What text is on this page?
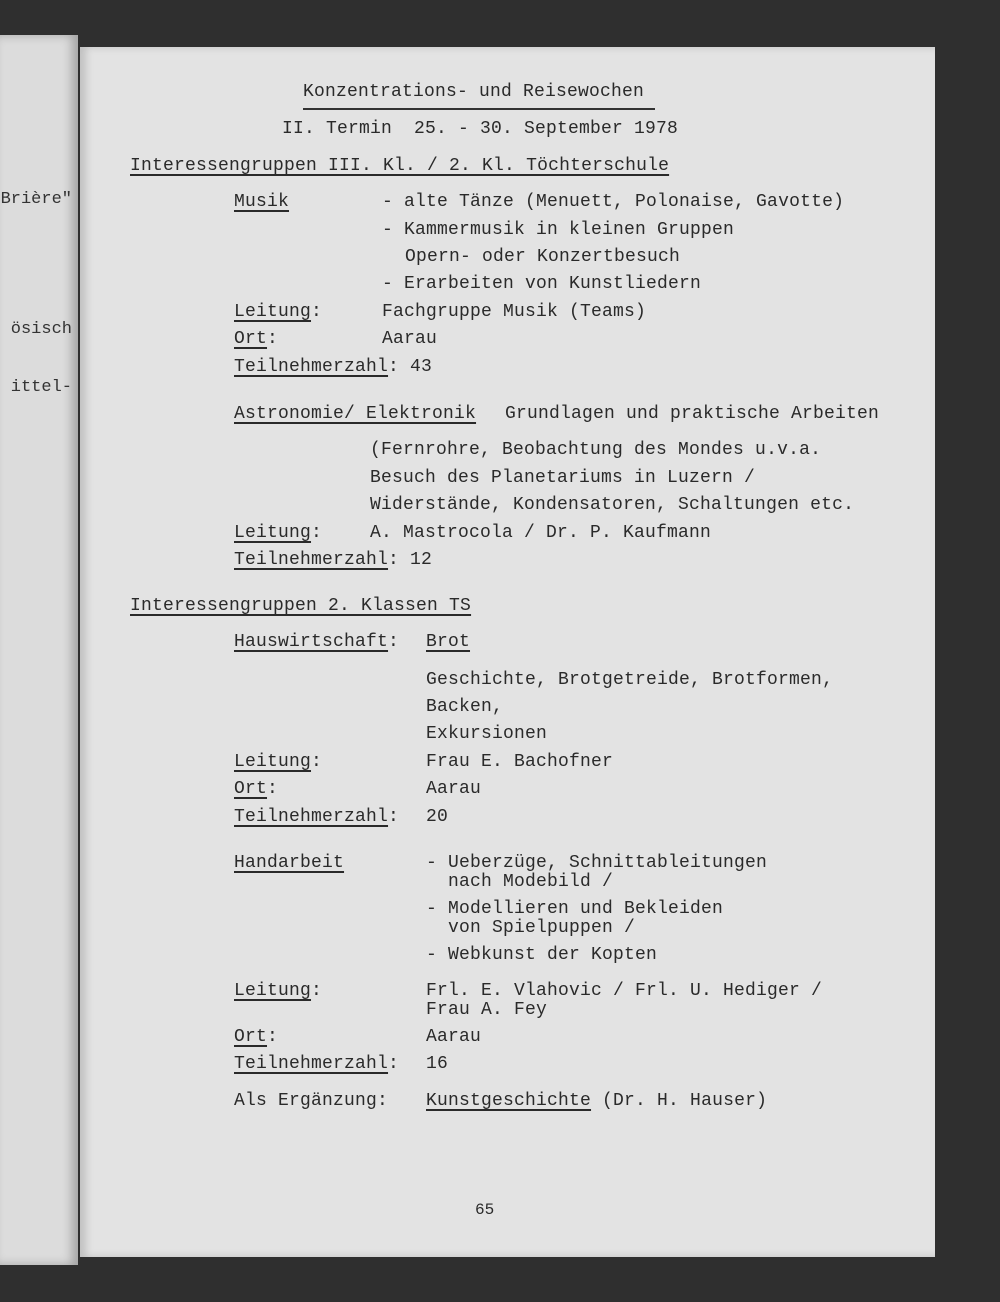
Brière"
ösisch
ittel-
Konzentrations- und Reisewochen
II. Termin  25. - 30. September 1978
Interessengruppen III. Kl. / 2. Kl. Töchterschule
Musik	- alte Tänze (Menuett, Polonaise, Gavotte)
- Kammermusik in kleinen Gruppen
Opern- oder Konzertbesuch
- Erarbeiten von Kunstliedern
Leitung:	Fachgruppe Musik (Teams)
Ort:	Aarau
Teilnehmerzahl: 43
Astronomie/ Elektronik Grundlagen und praktische Arbeiten
(Fernrohre, Beobachtung des Mondes u.v.a.
Besuch des Planetariums in Luzern /
Widerstände, Kondensatoren, Schaltungen etc.
Leitung:	A. Mastrocola / Dr. P. Kaufmann
Teilnehmerzahl: 12
Interessengruppen 2. Klassen TS
Hauswirtschaft: Brot
Geschichte, Brotgetreide, Brotformen,
Backen,
Exkursionen
Leitung:	Frau E. Bachofner
Ort:	Aarau
Teilnehmerzahl: 20
Handarbeit	- Ueberzüge, Schnittableitungen
nach Modebild /
- Modellieren und Bekleiden
von Spielpuppen /
- Webkunst der Kopten
Leitung:	Frl. E. Vlahovic / Frl. U. Hediger /
Frau A. Fey
Ort:	Aarau
Teilnehmerzahl: 16
Als Ergänzung: Kunstgeschichte (Dr. H. Hauser)
65
